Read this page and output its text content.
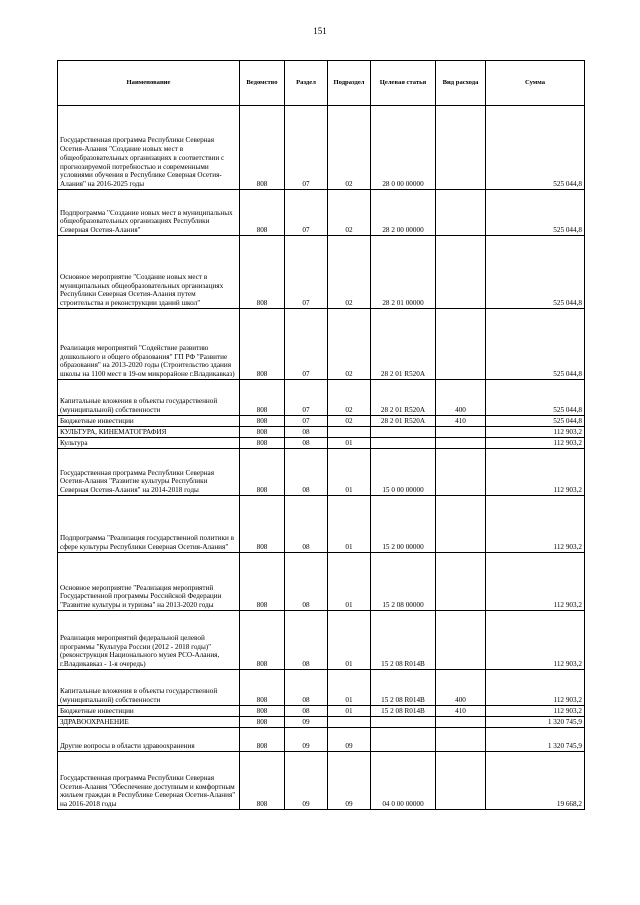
151
Наименование	Ведомство	Раздел	Подраздел	Целевая статья	Вид расхода	Сумма
Государственная программа Республики Северная Осетия-Алания "Создание новых мест в общеобразовательных организациях в соответствии с прогнозируемой потребностью и современными условиями обучения в Республике Северная Осетия-Алания" на 2016-2025 годы	808	07	02	28 0 00 00000		525 044,8
Подпрограмма "Создание новых мест в муниципальных общеобразовательных организациях Республики Северная Осетия-Алания"	808	07	02	28 2 00 00000		525 044,8
Основное мероприятие "Создание новых мест в муниципальных общеобразовательных организациях Республики Северная Осетия-Алания путем строительства и реконструкции зданий школ"	808	07	02	28 2 01 00000		525 044,8
Реализация мероприятий "Содействие развитию дошкольного и общего образования" ГП РФ "Развитие образования" на 2013-2020 годы (Строительство здания школы на 1100 мест в 19-ом микрорайоне г.Владикавказ)	808	07	02	28 2 01 R520A		525 044,8
Капитальные вложения в объекты государственной (муниципальной) собственности	808	07	02	28 2 01 R520A	400	525 044,8
Бюджетные инвестиции	808	07	02	28 2 01 R520A	410	525 044,8
КУЛЬТУРА, КИНЕМАТОГРАФИЯ	808	08				112 903,2
Культура	808	08	01			112 903,2
Государственная программа Республики Северная Осетия-Алания "Развитие культуры Республики Северная Осетия-Алания" на 2014-2018 годы	808	08	01	15 0 00 00000		112 903,2
Подпрограмма "Реализация государственной политики в сфере культуры Республики Северная Осетия-Алания"	808	08	01	15 2 00 00000		112 903,2
Основное мероприятие "Реализация мероприятий Государственной программы Российской Федерации "Развитие культуры и туризма" на 2013-2020 годы	808	08	01	15 2 08 00000		112 903,2
Реализация мероприятий федеральной целевой программы "Культура России (2012 - 2018 годы)" (реконструкция Национального музея РСО-Алания, г.Владикавказ - 1-я очередь)	808	08	01	15 2 08 R014В		112 903,2
Капитальные вложения в объекты государственной (муниципальной) собственности	808	08	01	15 2 08 R014В	400	112 903,2
Бюджетные инвестиции	808	08	01	15 2 08 R014В	410	112 903,2
ЗДРАВООХРАНЕНИЕ	808	09				1 320 745,9
Другие вопросы в области здравоохранения	808	09	09			1 320 745,9
Государственная программа Республики Северная Осетия-Алания "Обеспечение доступным и комфортным жильем граждан в Республике Северная Осетия-Алания" на 2016-2018 годы	808	09	09	04 0 00 00000		19 668,2
